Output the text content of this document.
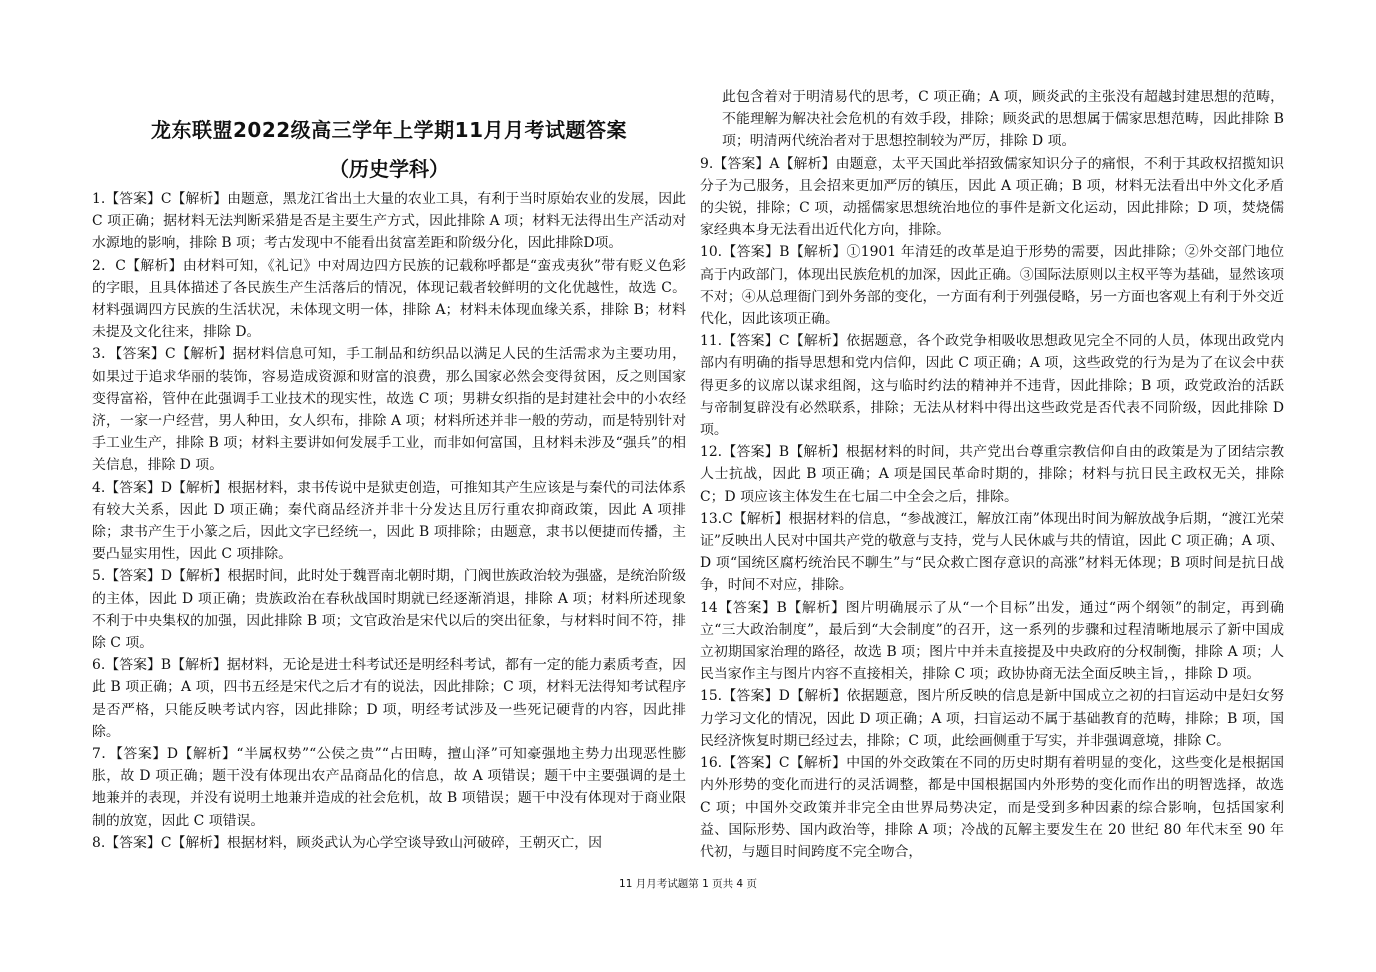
龙东联盟2022级高三学年上学期11月月考试题答案
（历史学科）

1.【答案】C【解析】由题意，黑龙江省出土大量的农业工具，有利于当时原始农业的发展，因此 C 项正确；据材料无法判断采猎是否是主要生产方式，因此排除 A 项；材料无法得出生产活动对水源地的影响，排除 B 项；考古发现中不能看出贫富差距和阶级分化，因此排除D项。

2．C【解析】由材料可知，《礼记》中对周边四方民族的记载称呼都是“蛮戎夷狄”带有贬义色彩的字眼，且具体描述了各民族生产生活落后的情况，体现记载者较鲜明的文化优越性，故选 C。材料强调四方民族的生活状况，未体现文明一体，排除 A；材料未体现血缘关系，排除 B；材料未提及文化往来，排除 D。

3．【答案】C【解析】据材料信息可知，手工制品和纺织品以满足人民的生活需求为主要功用，如果过于追求华丽的装饰，容易造成资源和财富的浪费，那么国家必然会变得贫困，反之则国家变得富裕，管仲在此强调手工业技术的现实性，故选 C 项；男耕女织指的是封建社会中的小农经济，一家一户经营，男人种田，女人织布，排除 A 项；材料所述并非一般的劳动，而是特别针对手工业生产，排除 B 项；材料主要讲如何发展手工业，而非如何富国，且材料未涉及“强兵”的相关信息，排除 D 项。

4.【答案】D【解析】根据材料，隶书传说中是狱吏创造，可推知其产生应该是与秦代的司法体系有较大关系，因此 D 项正确；秦代商品经济并非十分发达且厉行重农抑商政策，因此 A 项排除；隶书产生于小篆之后，因此文字已经统一，因此 B 项排除；由题意，隶书以便捷而传播，主要凸显实用性，因此 C 项排除。

5.【答案】D【解析】根据时间，此时处于魏晋南北朝时期，门阀世族政治较为强盛，是统治阶级的主体，因此 D 项正确；贵族政治在春秋战国时期就已经逐渐消退，排除 A 项；材料所述现象不利于中央集权的加强，因此排除 B 项；文官政治是宋代以后的突出征象，与材料时间不符，排除 C 项。

6.【答案】B【解析】据材料，无论是进士科考试还是明经科考试，都有一定的能力素质考查，因此 B 项正确；A 项，四书五经是宋代之后才有的说法，因此排除；C 项，材料无法得知考试程序是否严格，只能反映考试内容，因此排除；D 项，明经考试涉及一些死记硬背的内容，因此排除。

7．【答案】D【解析】“半属权势”“公侯之贵”“占田畴，擅山泽”可知豪强地主势力出现恶性膨胀，故 D 项正确；题干没有体现出农产品商品化的信息，故 A 项错误；题干中主要强调的是土地兼并的表现，并没有说明土地兼并造成的社会危机，故 B 项错误；题干中没有体现对于商业限制的放宽，因此 C 项错误。

8.【答案】C【解析】根据材料，顾炎武认为心学空谈导致山河破碎，王朝灭亡，因

此包含着对于明清易代的思考，C 项正确；A 项，顾炎武的主张没有超越封建思想的范畴，不能理解为解决社会危机的有效手段，排除；顾炎武的思想属于儒家思想范畴，因此排除 B 项；明清两代统治者对于思想控制较为严厉，排除 D 项。

9.【答案】A【解析】由题意，太平天国此举招致儒家知识分子的痛恨，不利于其政权招揽知识分子为己服务，且会招来更加严厉的镇压，因此 A 项正确；B 项，材料无法看出中外文化矛盾的尖锐，排除；C 项，动摇儒家思想统治地位的事件是新文化运动，因此排除；D 项，焚烧儒家经典本身无法看出近代化方向，排除。

10.【答案】B【解析】①1901 年清廷的改革是迫于形势的需要，因此排除；②外交部门地位高于内政部门，体现出民族危机的加深，因此正确。③国际法原则以主权平等为基础，显然该项不对；④从总理衙门到外务部的变化，一方面有利于列强侵略，另一方面也客观上有利于外交近代化，因此该项正确。

11.【答案】C【解析】依据题意，各个政党争相吸收思想政见完全不同的人员，体现出政党内部内有明确的指导思想和党内信仰，因此 C 项正确；A 项，这些政党的行为是为了在议会中获得更多的议席以谋求组阁，这与临时约法的精神并不违背，因此排除；B 项，政党政治的活跃与帝制复辟没有必然联系，排除；无法从材料中得出这些政党是否代表不同阶级，因此排除 D 项。

12.【答案】B【解析】根据材料的时间，共产党出台尊重宗教信仰自由的政策是为了团结宗教人士抗战，因此 B 项正确；A 项是国民革命时期的，排除；材料与抗日民主政权无关，排除 C；D 项应该主体发生在七届二中全会之后，排除。

13.C【解析】根据材料的信息，“参战渡江，解放江南”体现出时间为解放战争后期，“渡江光荣证”反映出人民对中国共产党的敬意与支持，党与人民休戚与共的情谊，因此 C 项正确；A 项、D 项“国统区腐朽统治民不聊生”与“民众救亡图存意识的高涨”材料无体现；B 项时间是抗日战争，时间不对应，排除。

14【答案】B【解析】图片明确展示了从“一个目标”出发，通过“两个纲领”的制定，再到确立“三大政治制度”，最后到“大会制度”的召开，这一系列的步骤和过程清晰地展示了新中国成立初期国家治理的路径，故选 B 项；图片中并未直接提及中央政府的分权制衡，排除 A 项；人民当家作主与图片内容不直接相关，排除 C 项；政协协商无法全面反映主旨，，排除 D 项。

15.【答案】D【解析】依据题意，图片所反映的信息是新中国成立之初的扫盲运动中是妇女努力学习文化的情况，因此 D 项正确；A 项，扫盲运动不属于基础教育的范畴，排除；B 项，国民经济恢复时期已经过去，排除；C 项，此绘画侧重于写实，并非强调意境，排除 C。

16.【答案】C【解析】中国的外交政策在不同的历史时期有着明显的变化，这些变化是根据国内外形势的变化而进行的灵活调整，都是中国根据国内外形势的变化而作出的明智选择，故选 C 项；中国外交政策并非完全由世界局势决定，而是受到多种因素的综合影响，包括国家利益、国际形势、国内政治等，排除 A 项；冷战的瓦解主要发生在 20 世纪 80 年代末至 90 年代初，与题目时间跨度不完全吻合，

11 月月考试题第 1 页共 4 页
